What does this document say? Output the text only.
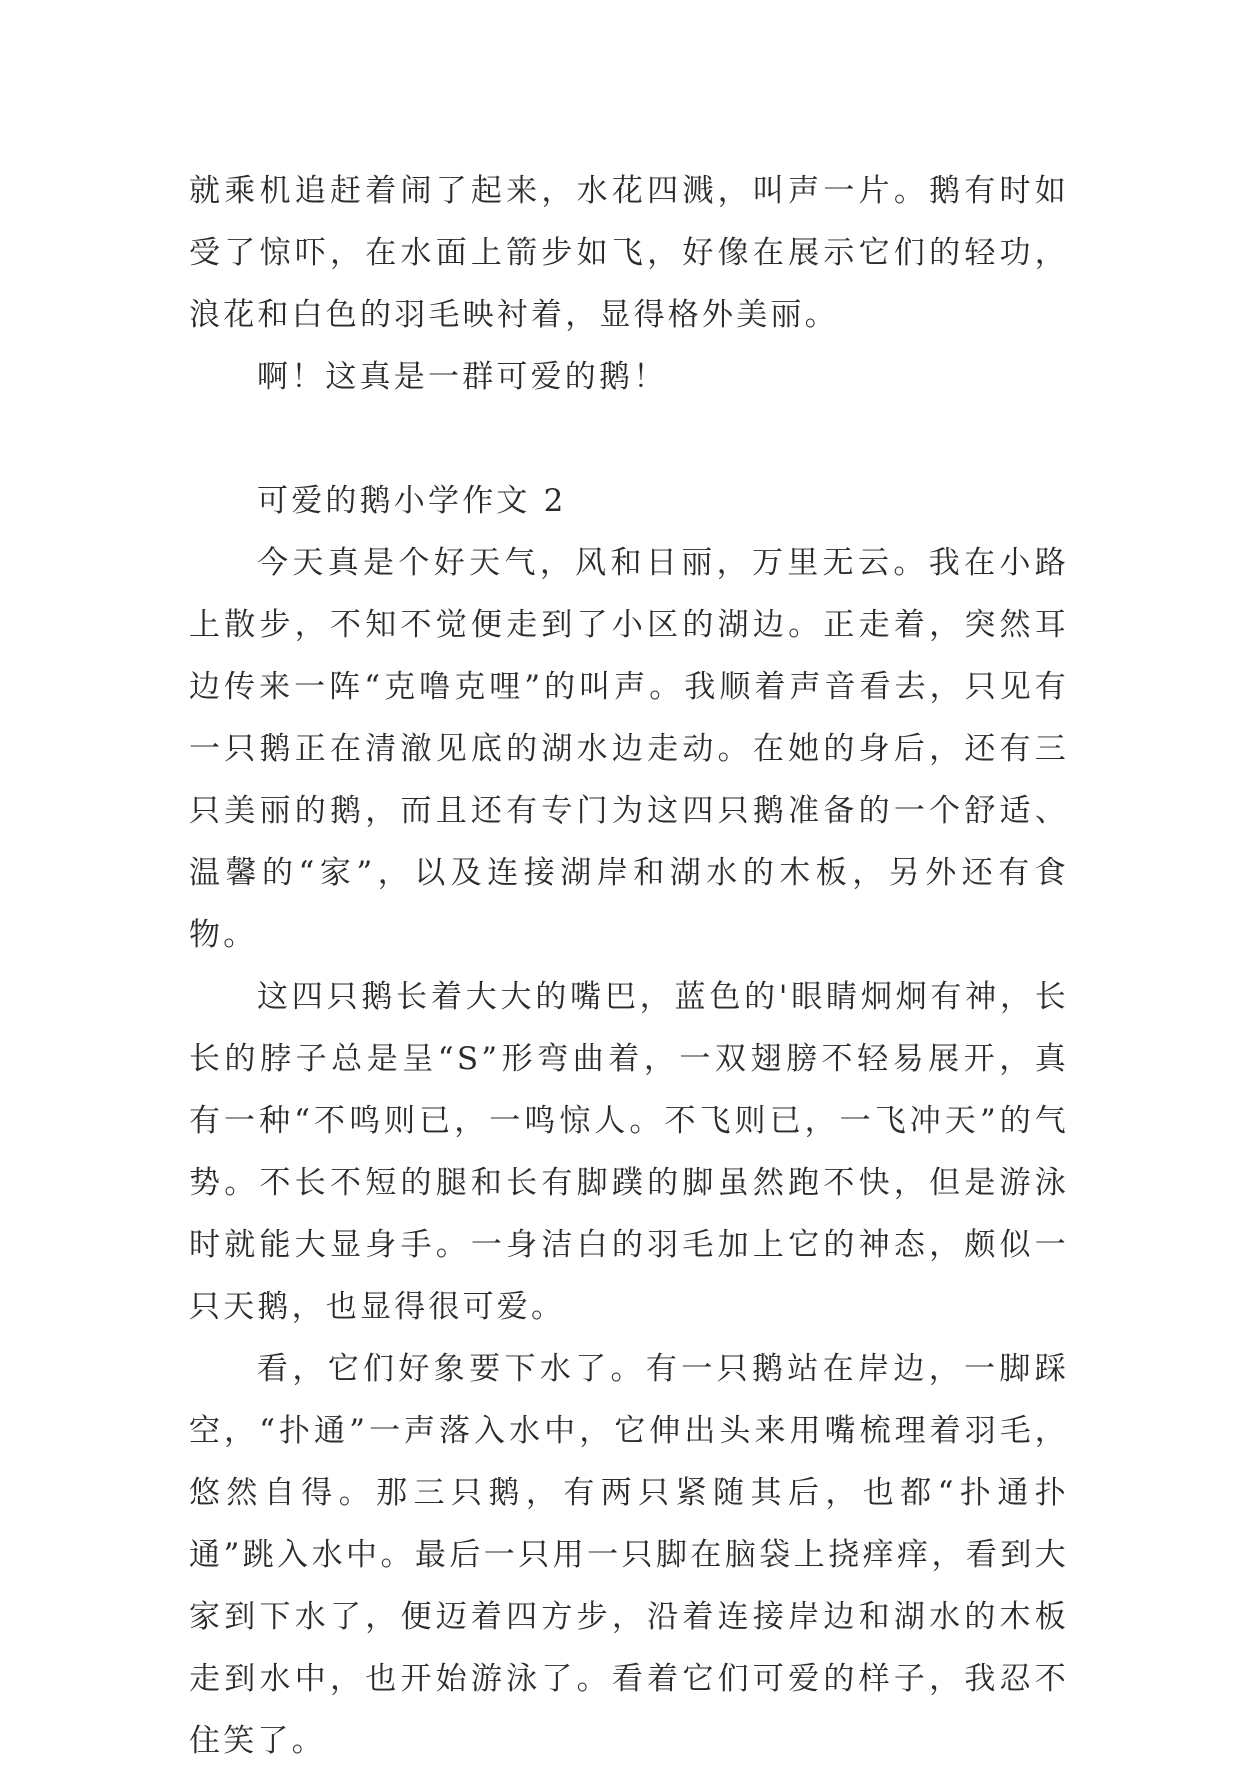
就乘机追赶着闹了起来，水花四溅，叫声一片。鹅有时如受了惊吓，在水面上箭步如飞，好像在展示它们的轻功，浪花和白色的羽毛映衬着，显得格外美丽。

啊！这真是一群可爱的鹅！

可爱的鹅小学作文 2

今天真是个好天气，风和日丽，万里无云。我在小路上散步，不知不觉便走到了小区的湖边。正走着，突然耳边传来一阵“克噜克哩”的叫声。我顺着声音看去，只见有一只鹅正在清澈见底的湖水边走动。在她的身后，还有三只美丽的鹅，而且还有专门为这四只鹅准备的一个舒适、温馨的“家”，以及连接湖岸和湖水的木板，另外还有食物。

这四只鹅长着大大的嘴巴，蓝色的'眼睛炯炯有神，长长的脖子总是呈“S”形弯曲着，一双翅膀不轻易展开，真有一种“不鸣则已，一鸣惊人。不飞则已，一飞冲天”的气势。不长不短的腿和长有脚蹼的脚虽然跑不快，但是游泳时就能大显身手。一身洁白的羽毛加上它的神态，颇似一只天鹅，也显得很可爱。

看，它们好象要下水了。有一只鹅站在岸边，一脚踩空，“扑通”一声落入水中，它伸出头来用嘴梳理着羽毛，悠然自得。那三只鹅，有两只紧随其后，也都“扑通扑通”跳入水中。最后一只用一只脚在脑袋上挠痒痒，看到大家到下水了，便迈着四方步，沿着连接岸边和湖水的木板走到水中，也开始游泳了。看着它们可爱的样子，我忍不住笑了。
